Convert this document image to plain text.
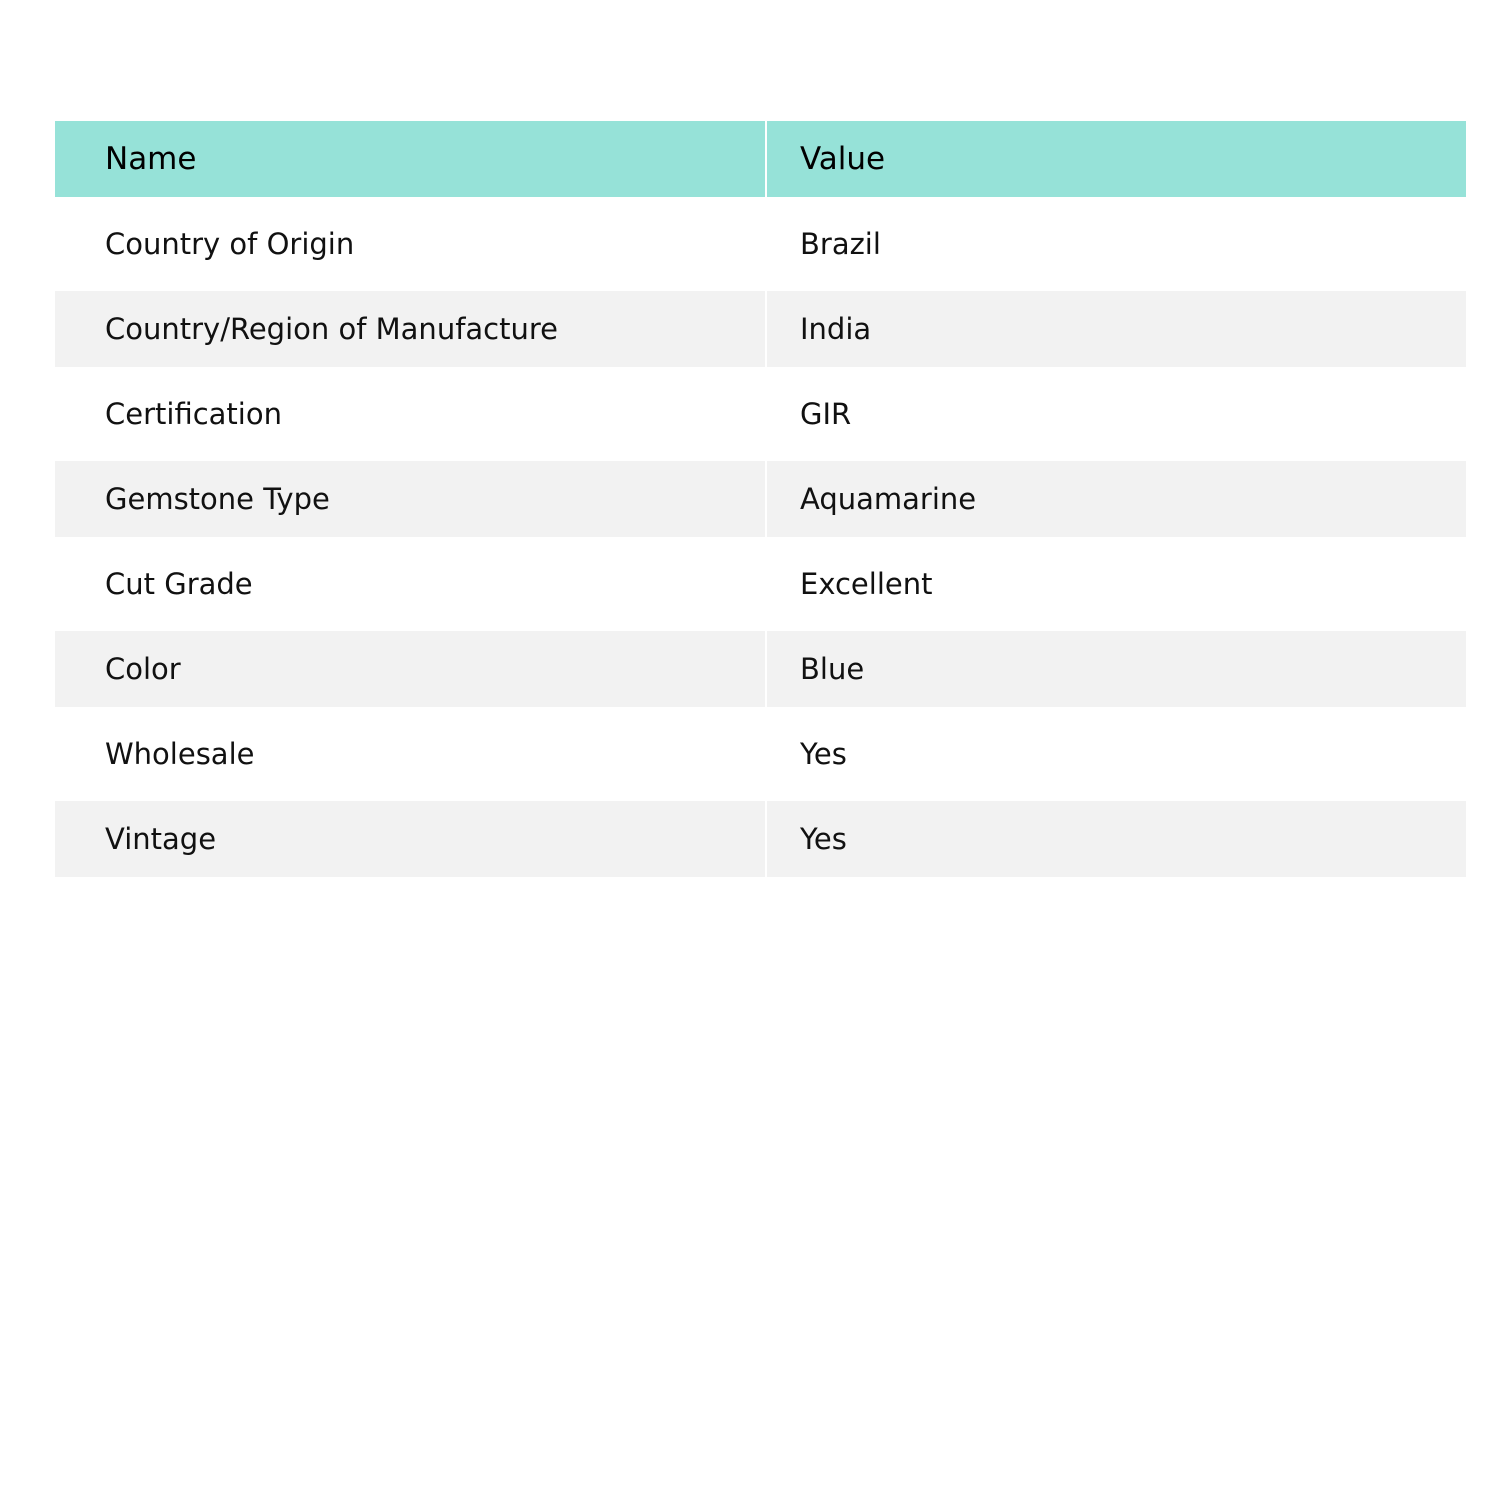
Name	Value
Country of Origin	Brazil
Country/Region of Manufacture	India
Certification	GIR
Gemstone Type	Aquamarine
Cut Grade	Excellent
Color	Blue
Wholesale	Yes
Vintage	Yes
